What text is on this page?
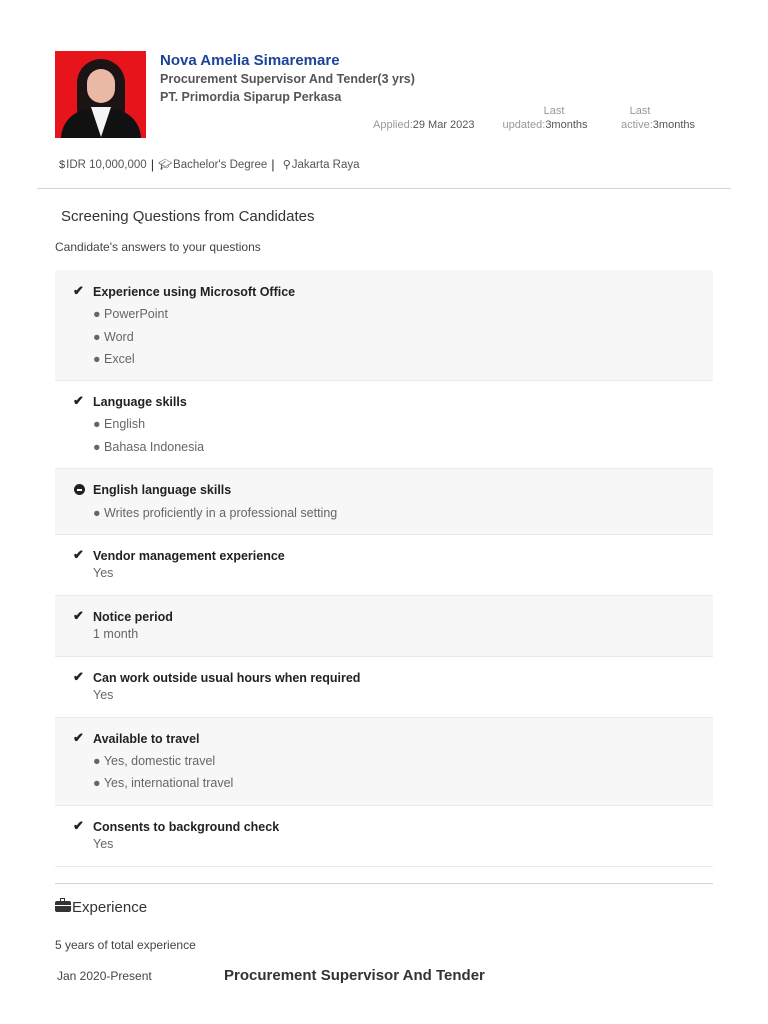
Nova Amelia Simaremare

Procurement Supervisor And Tender(3 yrs)

PT. Primordia Siparup Perkasa

Applied:29 Mar 2023
Last
updated:3months
Last
active:3months
$ IDR 10,000,000 | 🎓︎ Bachelor's Degree | ⚲ Jakarta Raya
Screening Questions from Candidates
Candidate's answers to your questions
✔ Experience using Microsoft Office
● PowerPoint
● Word
● Excel
✔ Language skills
● English
● Bahasa Indonesia
English language skills
● Writes proficiently in a professional setting
✔ Vendor management experience
Yes
✔ Notice period
1 month
✔ Can work outside usual hours when required
Yes
✔ Available to travel
● Yes, domestic travel
● Yes, international travel
✔ Consents to background check
Yes
Experience
5 years of total experience
Jan 2020-Present	Procurement Supervisor And Tender
